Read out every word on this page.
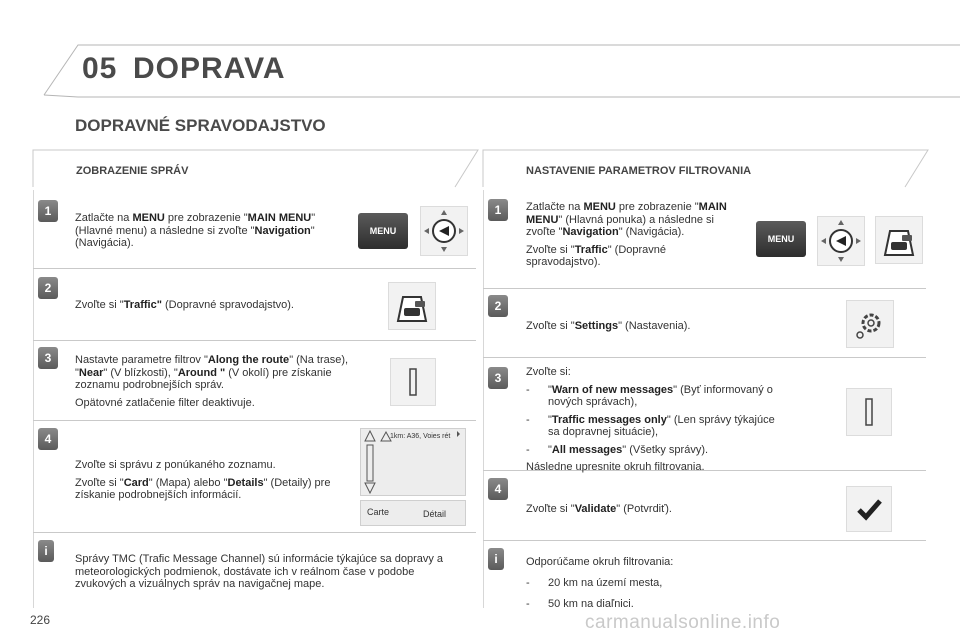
05 DOPRAVA
DOPRAVNÉ SPRAVODAJSTVO
ZOBRAZENIE SPRÁV	NASTAVENIE PARAMETROV FILTROVANIA
1	Zatlačte na MENU pre zobrazenie "MAIN MENU" (Hlavné menu) a následne si zvoľte "Navigation" (Navigácia).

MENU
2

Zvoľte si "Traffic" (Dopravné spravodajstvo).

3	Nastavte parametre filtrov "Along the route" (Na trase), "Near" (V blízkosti), "Around " (V okolí) pre získanie zoznamu podrobnejších správ.

Opätovné zatlačenie filter deaktivuje.

4

Zvoľte si správu z ponúkaného zoznamu.

Zvoľte si "Card" (Mapa) alebo "Details" (Detaily) pre získanie podrobnejších informácií.

1km: A36, Voies rét
Carte	Détail
i

Správy TMC (Trafic Message Channel) sú informácie týkajúce sa dopravy a meteorologických podmienok, dostávate ich v reálnom čase v podobe zvukových a vizuálnych správ na navigačnej mape.

1	Zatlačte na MENU pre zobrazenie "MAIN MENU" (Hlavná ponuka) a následne si zvoľte "Navigation" (Navigácia).

Zvoľte si "Traffic" (Dopravné spravodajstvo).

MENU
2

Zvoľte si "Settings" (Nastavenia).

3	Zvoľte si:

- "Warn of new messages" (Byť informovaný o nových správach),
- "Traffic messages only" (Len správy týkajúce sa dopravnej situácie),
- "All messages" (Všetky správy).

Následne upresnite okruh filtrovania.

4

Zvoľte si "Validate" (Potvrdiť).

i	Odporúčame okruh filtrovania:

- 20 km na území mesta,
- 50 km na diaľnici.
226	carmanualsonline.info
